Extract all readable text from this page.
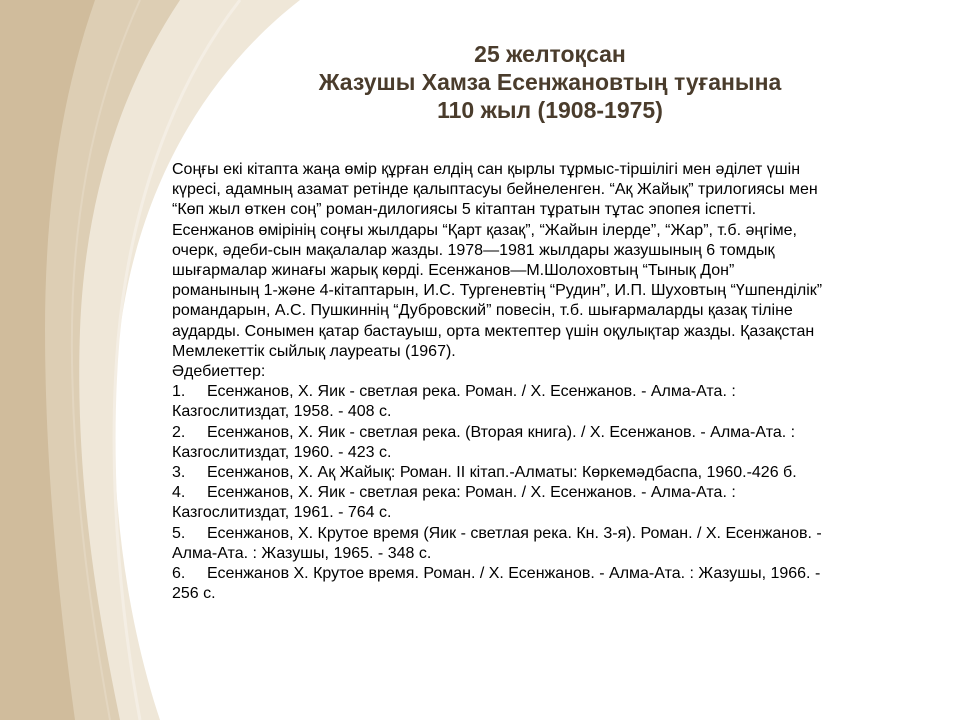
25 желтоқсан
Жазушы Хамза Есенжановтың туғанына
110 жыл (1908-1975)
Соңғы екі кітапта жаңа өмір құрған елдің сан қырлы тұрмыс-тіршілігі мен әділет үшін
күресі, адамның азамат ретінде қалыптасуы бейнеленген. “Ақ Жайық” трилогиясы мен
“Көп жыл өткен соң” роман-дилогиясы 5 кітаптан тұратын тұтас эпопея іспетті.
Есенжанов өмірінің соңғы жылдары “Қарт қазақ”, “Жайын ілерде”, “Жар”, т.б. әңгіме,
очерк, әдеби-сын мақалалар жазды. 1978—1981 жылдары жазушының 6 томдық
шығармалар жинағы жарық көрді. Есенжанов—М.Шолоховтың “Тынық Дон”
романының 1-және 4-кітаптарын, И.С. Тургеневтің “Рудин”, И.П. Шуховтың “Үшпенділік”
романдарын, А.С. Пушкиннің “Дубровский” повесін, т.б. шығармаларды қазақ тіліне
аударды. Сонымен қатар бастауыш, орта мектептер үшін оқулықтар жазды. Қазақстан
Мемлекеттік сыйлық лауреаты (1967).
Әдебиеттер:
1. Есенжанов, Х. Яик - светлая река. Роман. / Х. Есенжанов. - Алма-Ата. :
Казгослитиздат, 1958. - 408 с.
2. Есенжанов, Х. Яик - светлая река. (Вторая книга). / Х. Есенжанов. - Алма-Ата. :
Казгослитиздат, 1960. - 423 с.
3. Есенжанов, Х. Ақ Жайық: Роман. II кітап.-Алматы: Көркемәдбаспа, 1960.-426 б.
4. Есенжанов, Х. Яик - светлая река: Роман. / Х. Есенжанов. - Алма-Ата. :
Казгослитиздат, 1961. - 764 с.
5. Есенжанов, Х. Крутое время (Яик - светлая река. Кн. 3-я). Роман. / Х. Есенжанов. -
Алма-Ата. : Жазушы, 1965. - 348 с.
6. Есенжанов Х. Крутое время. Роман. / Х. Есенжанов. - Алма-Ата. : Жазушы, 1966. -
256 с.
